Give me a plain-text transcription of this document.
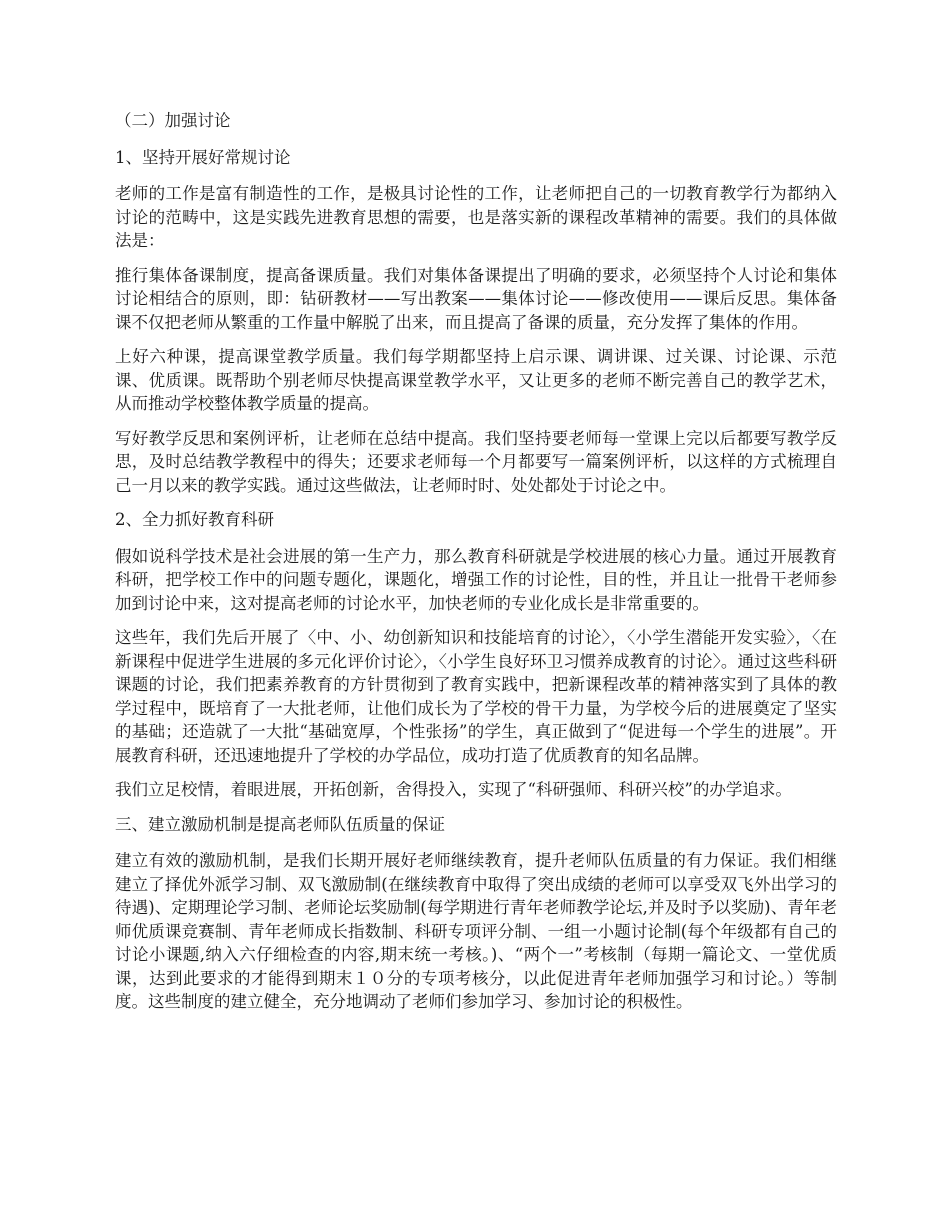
（二）加强讨论

1、坚持开展好常规讨论

老师的工作是富有制造性的工作，是极具讨论性的工作，让老师把自己的一切教育教学行为都纳入讨论的范畴中，这是实践先进教育思想的需要，也是落实新的课程改革精神的需要。我们的具体做法是：

推行集体备课制度，提高备课质量。我们对集体备课提出了明确的要求，必须坚持个人讨论和集体讨论相结合的原则，即：钻研教材——写出教案——集体讨论——修改使用——课后反思。集体备课不仅把老师从繁重的工作量中解脱了出来，而且提高了备课的质量，充分发挥了集体的作用。

上好六种课，提高课堂教学质量。我们每学期都坚持上启示课、调讲课、过关课、讨论课、示范课、优质课。既帮助个别老师尽快提高课堂教学水平，又让更多的老师不断完善自己的教学艺术，从而推动学校整体教学质量的提高。

写好教学反思和案例评析，让老师在总结中提高。我们坚持要老师每一堂课上完以后都要写教学反思，及时总结教学教程中的得失；还要求老师每一个月都要写一篇案例评析，以这样的方式梳理自己一月以来的教学实践。通过这些做法，让老师时时、处处都处于讨论之中。

2、全力抓好教育科研

假如说科学技术是社会进展的第一生产力，那么教育科研就是学校进展的核心力量。通过开展教育科研，把学校工作中的问题专题化，课题化，增强工作的讨论性，目的性，并且让一批骨干老师参加到讨论中来，这对提高老师的讨论水平，加快老师的专业化成长是非常重要的。

这些年，我们先后开展了〈中、小、幼创新知识和技能培育的讨论〉，〈小学生潜能开发实验〉，〈在新课程中促进学生进展的多元化评价讨论〉，〈小学生良好环卫习惯养成教育的讨论〉。通过这些科研课题的讨论，我们把素养教育的方针贯彻到了教育实践中，把新课程改革的精神落实到了具体的教学过程中，既培育了一大批老师，让他们成长为了学校的骨干力量，为学校今后的进展奠定了坚实的基础；还造就了一大批“基础宽厚，个性张扬”的学生，真正做到了“促进每一个学生的进展”。开展教育科研，还迅速地提升了学校的办学品位，成功打造了优质教育的知名品牌。

我们立足校情，着眼进展，开拓创新，舍得投入，实现了“科研强师、科研兴校”的办学追求。

三、建立激励机制是提高老师队伍质量的保证

建立有效的激励机制，是我们长期开展好老师继续教育，提升老师队伍质量的有力保证。我们相继建立了择优外派学习制、双飞激励制(在继续教育中取得了突出成绩的老师可以享受双飞外出学习的待遇)、定期理论学习制、老师论坛奖励制(每学期进行青年老师教学论坛,并及时予以奖励)、青年老师优质课竞赛制、青年老师成长指数制、科研专项评分制、一组一小题讨论制(每个年级都有自己的讨论小课题,纳入六仔细检查的内容,期末统一考核。)、“两个一”考核制（每期一篇论文、一堂优质课，达到此要求的才能得到期末１０分的专项考核分，以此促进青年老师加强学习和讨论。）等制度。这些制度的建立健全，充分地调动了老师们参加学习、参加讨论的积极性。
